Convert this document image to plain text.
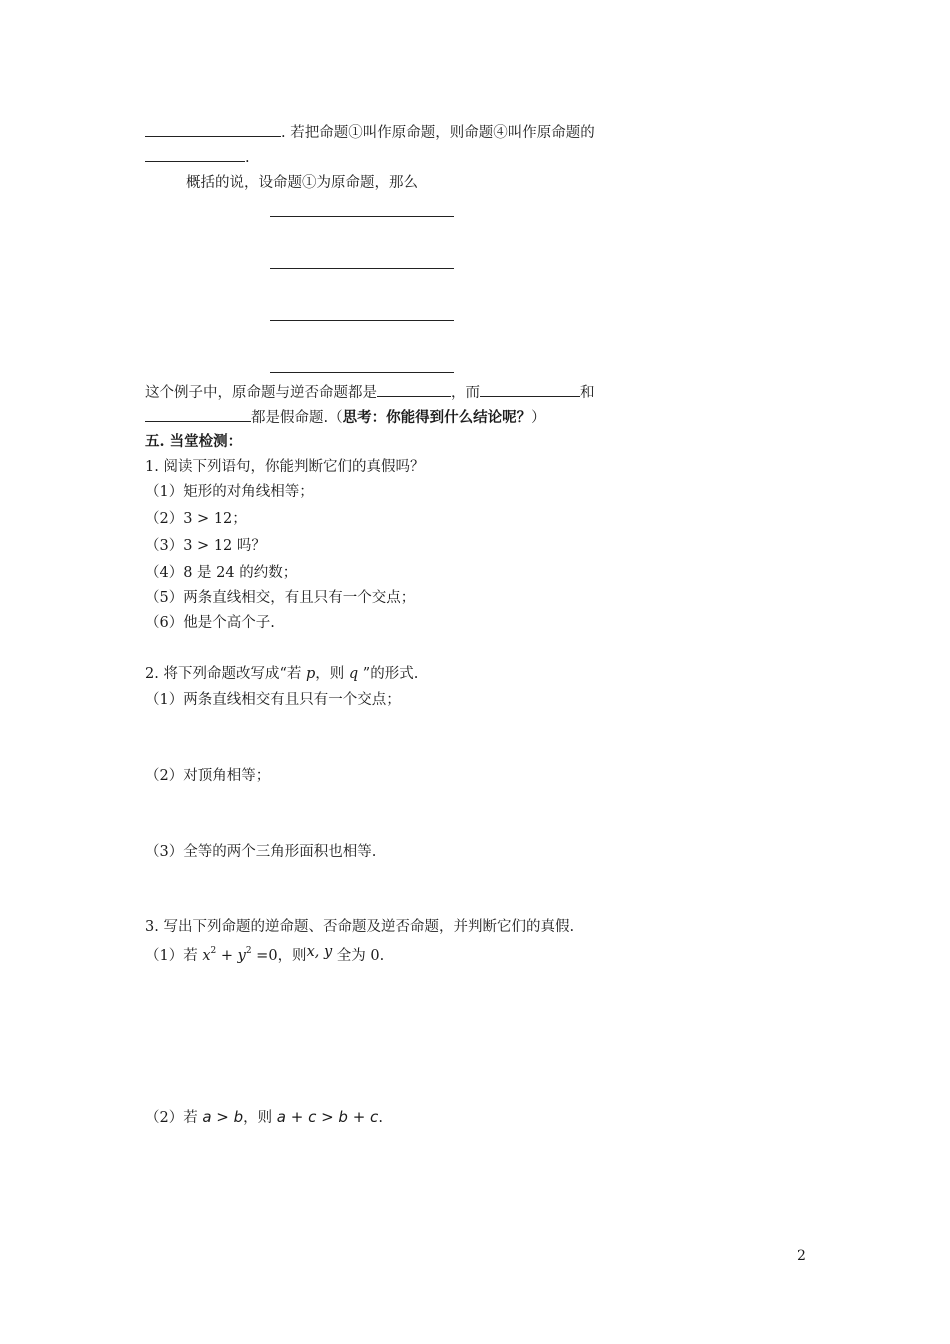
. 若把命题①叫作原命题，则命题④叫作原命题的
.
概括的说，设命题①为原命题，那么
这个例子中，原命题与逆否命题都是	，而	和
都是假命题.（思考：你能得到什么结论呢？）
五. 当堂检测：
1. 阅读下列语句，你能判断它们的真假吗？
（1）矩形的对角线相等；
（2）3 > 12；
（3）3 > 12 吗？
（4）8 是 24 的约数；
（5）两条直线相交，有且只有一个交点；
（6）他是个高个子.
2. 将下列命题改写成“若 p，则 q ”的形式.
（1）两条直线相交有且只有一个交点；
（2）对顶角相等；
（3）全等的两个三角形面积也相等.
3. 写出下列命题的逆命题、否命题及逆否命题，并判断它们的真假.
（1）若 $x^2 + y^2 =0$，则x, y 全为 0.
（2）若 a > b，则 a + c > b + c.
2
